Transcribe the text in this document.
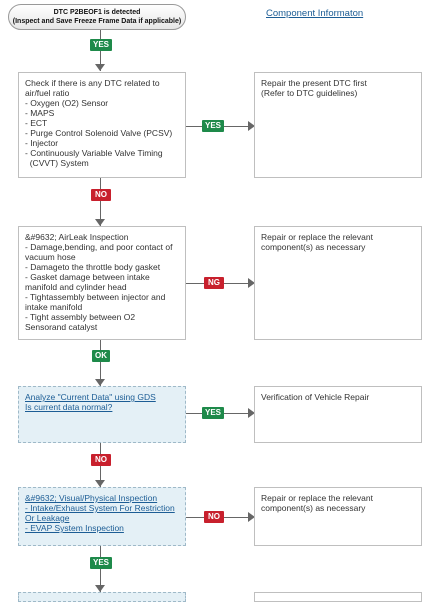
DTC P2BEOF1 is detected
(Inspect and Save Freeze Frame Data if applicable)
Component Informaton
YES
Check if there is any DTC related to
air/fuel ratio
- Oxygen (O2) Sensor
- MAPS
- ECT
- Purge Control Solenoid Valve (PCSV)
- Injector
- Continuously Variable Valve Timing
(CVVT) System
YES
Repair the present DTC first
(Refer to DTC guidelines)
NO
&#9632; AirLeak Inspection
- Damage,bending, and poor contact of
vacuum hose
- Damagetо the throttle body gasket
- Gasket damage between intake
manifold and cylinder head
- Tightassembly between injector and
intake manifold
- Tight assembly between O2
Sensorand catalyst
NG
Repair or replace the relevant
component(s) as necessary
OK
Analyze "Current Data" using GDS
Is current data normal?
YES
Verification of Vehicle Repair
NO
&#9632; Visual/Physical Inspection
- Intake/Exhaust System For Restriction
Or Leakage
- EVAP System Inspection
NO
Repair or replace the relevant
component(s) as necessary
YES
